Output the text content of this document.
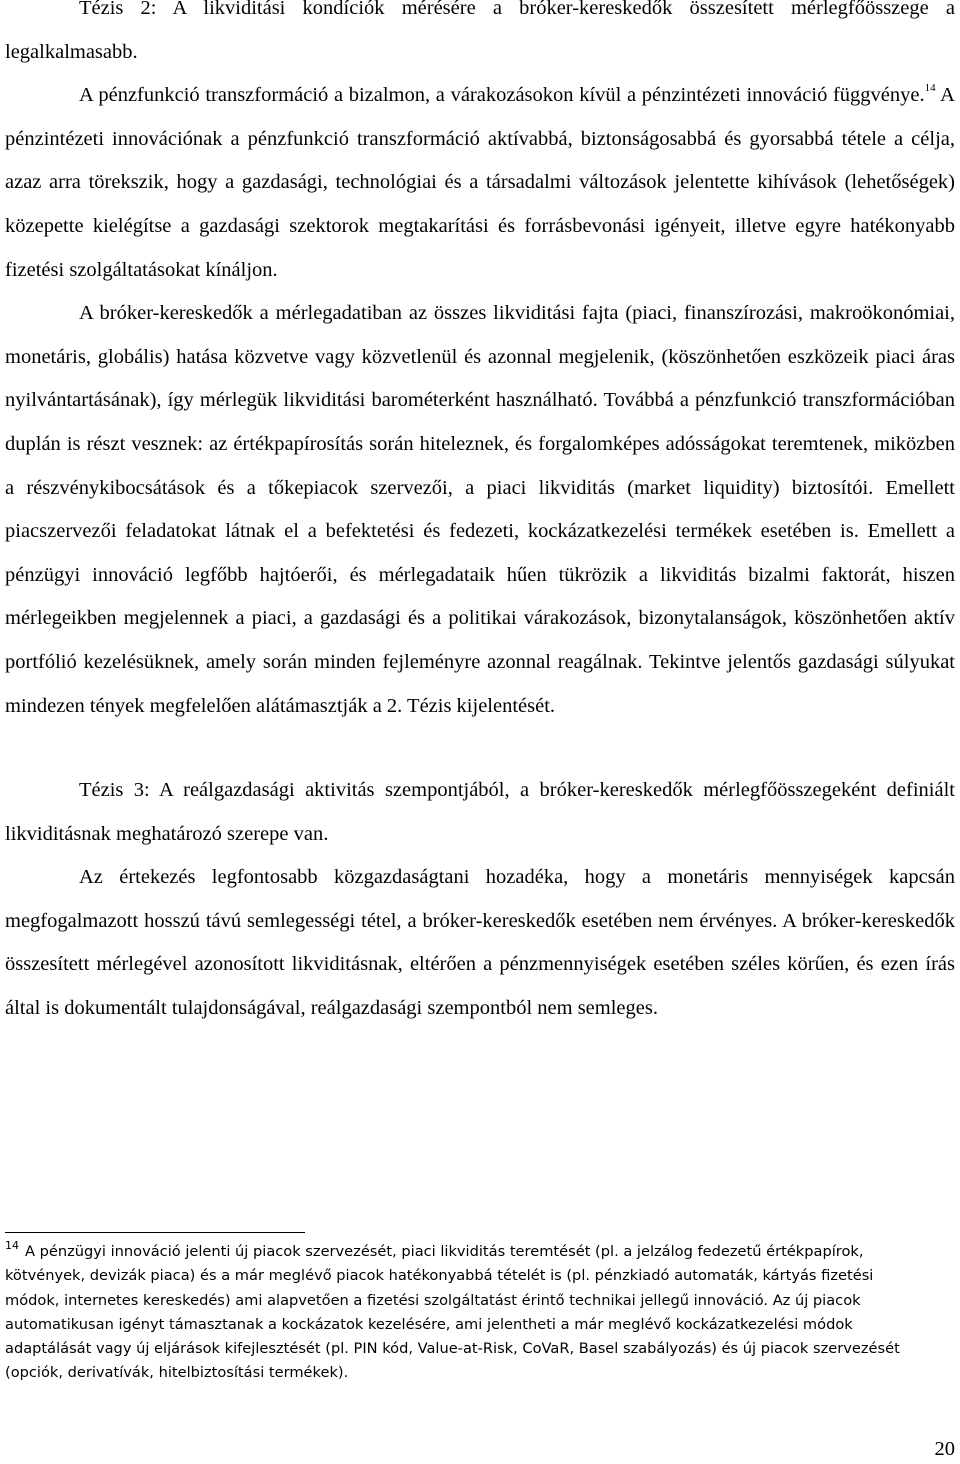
Tézis 2: A likviditási kondíciók mérésére a bróker-kereskedők összesített mérlegfőösszege a legalkalmasabb.

A pénzfunkció transzformáció a bizalmon, a várakozásokon kívül a pénzintézeti innováció függvénye.$^{14}$ A pénzintézeti innovációnak a pénzfunkció transzformáció aktívabbá, biztonságosabbá és gyorsabbá tétele a célja, azaz arra törekszik, hogy a gazdasági, technológiai és a társadalmi változások jelentette kihívások (lehetőségek) közepette kielégítse a gazdasági szektorok megtakarítási és forrásbevonási igényeit, illetve egyre hatékonyabb fizetési szolgáltatásokat kínáljon.

A bróker-kereskedők a mérlegadatiban az összes likviditási fajta (piaci, finanszírozási, makroökonómiai, monetáris, globális) hatása közvetve vagy közvetlenül és azonnal megjelenik, (köszönhetően eszközeik piaci áras nyilvántartásának), így mérlegük likviditási barométerként használható. Továbbá a pénzfunkció transzformációban duplán is részt vesznek: az értékpapírosítás során hiteleznek, és forgalomképes adósságokat teremtenek, miközben a részvénykibocsátások és a tőkepiacok szervezői, a piaci likviditás (market liquidity) biztosítói. Emellett piacszervezői feladatokat látnak el a befektetési és fedezeti, kockázatkezelési termékek esetében is. Emellett a pénzügyi innováció legfőbb hajtóerői, és mérlegadataik hűen tükrözik a likviditás bizalmi faktorát, hiszen mérlegeikben megjelennek a piaci, a gazdasági és a politikai várakozások, bizonytalanságok, köszönhetően aktív portfólió kezelésüknek, amely során minden fejleményre azonnal reagálnak. Tekintve jelentős gazdasági súlyukat mindezen tények megfelelően alátámasztják a 2. Tézis kijelentését.

Tézis 3: A reálgazdasági aktivitás szempontjából, a bróker-kereskedők mérlegfőösszegeként definiált likviditásnak meghatározó szerepe van.

Az értekezés legfontosabb közgazdaságtani hozadéka, hogy a monetáris mennyiségek kapcsán megfogalmazott hosszú távú semlegességi tétel, a bróker-kereskedők esetében nem érvényes. A bróker-kereskedők összesített mérlegével azonosított likviditásnak, eltérően a pénzmennyiségek esetében széles körűen, és ezen írás által is dokumentált tulajdonságával, reálgazdasági szempontból nem semleges.

$^{14}$ A pénzügyi innováció jelenti új piacok szervezését, piaci likviditás teremtését (pl. a jelzálog fedezetű értékpapírok, kötvények, devizák piaca) és a már meglévő piacok hatékonyabbá tételét is (pl. pénzkiadó automaták, kártyás fizetési módok, internetes kereskedés) ami alapvetően a fizetési szolgáltatást érintő technikai jellegű innováció. Az új piacok automatikusan igényt támasztanak a kockázatok kezelésére, ami jelentheti a már meglévő kockázatkezelési módok adaptálását vagy új eljárások kifejlesztését (pl. PIN kód, Value-at-Risk, CoVaR, Basel szabályozás) és új piacok szervezését (opciók, derivatívák, hitelbiztosítási termékek).
20
